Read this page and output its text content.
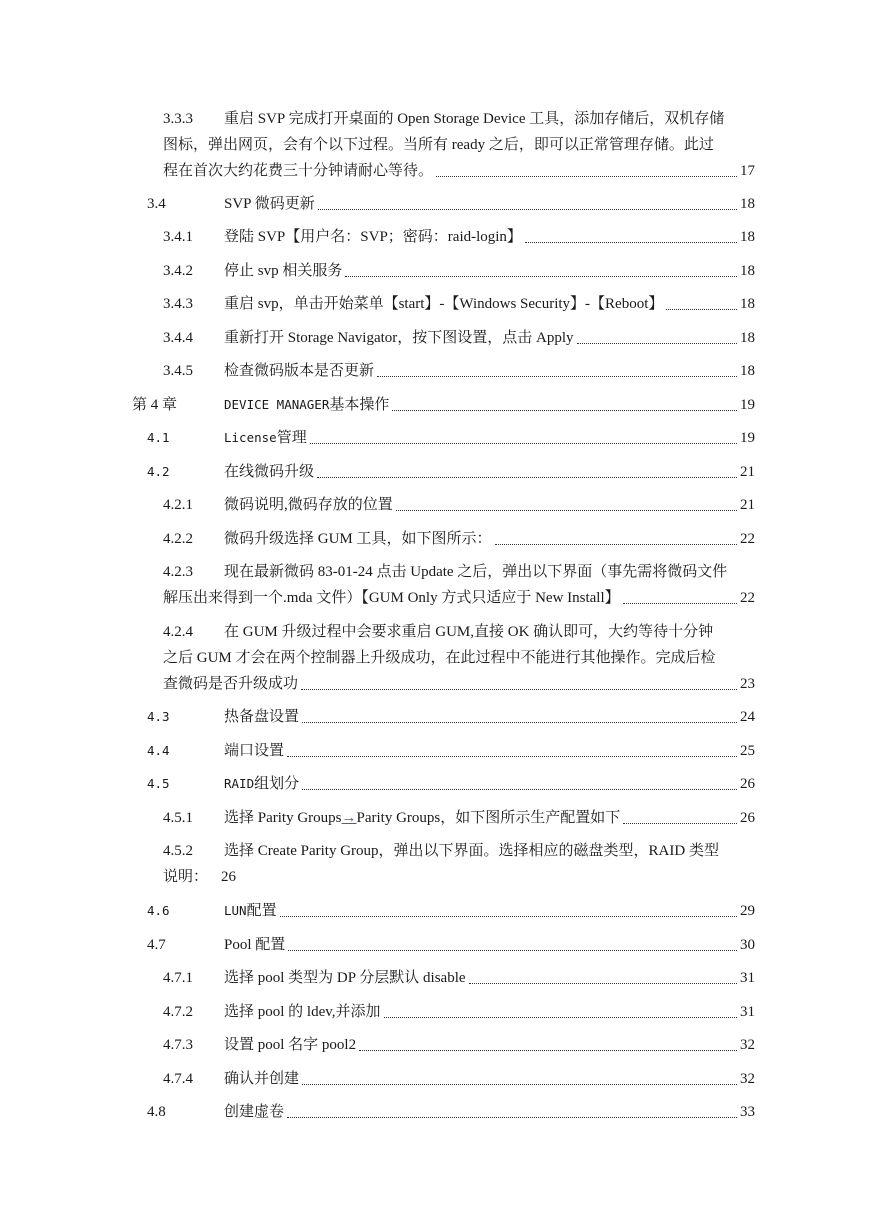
3.3.3 重启 SVP 完成打开桌面的 Open Storage Device 工具，添加存储后，双机存储
图标，弹出网页，会有个以下过程。当所有 ready 之后，即可以正常管理存储。此过
程在首次大约花费三十分钟请耐心等待。	17
3.4	SVP 微码更新	18
3.4.1 登陆 SVP【用户名：SVP；密码：raid-login】	18
3.4.2 停止 svp 相关服务	18
3.4.3 重启 svp，单击开始菜单【start】-【Windows Security】-【Reboot】	18
3.4.4 重新打开 Storage Navigator，按下图设置，点击 Apply	18
3.4.5 检查微码版本是否更新	18
第 4 章	DEVICE MANAGER 基本操作	19
4.1	License 管理	19
4.2	在线微码升级	21
4.2.1 微码说明,微码存放的位置	21
4.2.2 微码升级选择 GUM 工具，如下图所示：	22
4.2.3 现在最新微码 83-01-24 点击 Update 之后，弹出以下界面（事先需将微码文件
解压出来得到一个.mda 文件）【GUM Only 方式只适应于 New Install】	22
4.2.4 在 GUM 升级过程中会要求重启 GUM,直接 OK 确认即可，大约等待十分钟
之后 GUM 才会在两个控制器上升级成功，在此过程中不能进行其他操作。完成后检
查微码是否升级成功	23
4.3	热备盘设置	24
4.4	端口设置	25
4.5	RAID 组划分	26
4.5.1 选择 Parity Groups → Parity Groups，如下图所示生产配置如下	26
4.5.2 选择 Create Parity Group，弹出以下界面。选择相应的磁盘类型，RAID 类型
说明： 26
4.6	LUN 配置	29
4.7	Pool 配置	30
4.7.1 选择 pool 类型为 DP 分层默认 disable	31
4.7.2 选择 pool 的 ldev,并添加	31
4.7.3 设置 pool 名字 pool2	32
4.7.4 确认并创建	32
4.8	创建虚卷	33
